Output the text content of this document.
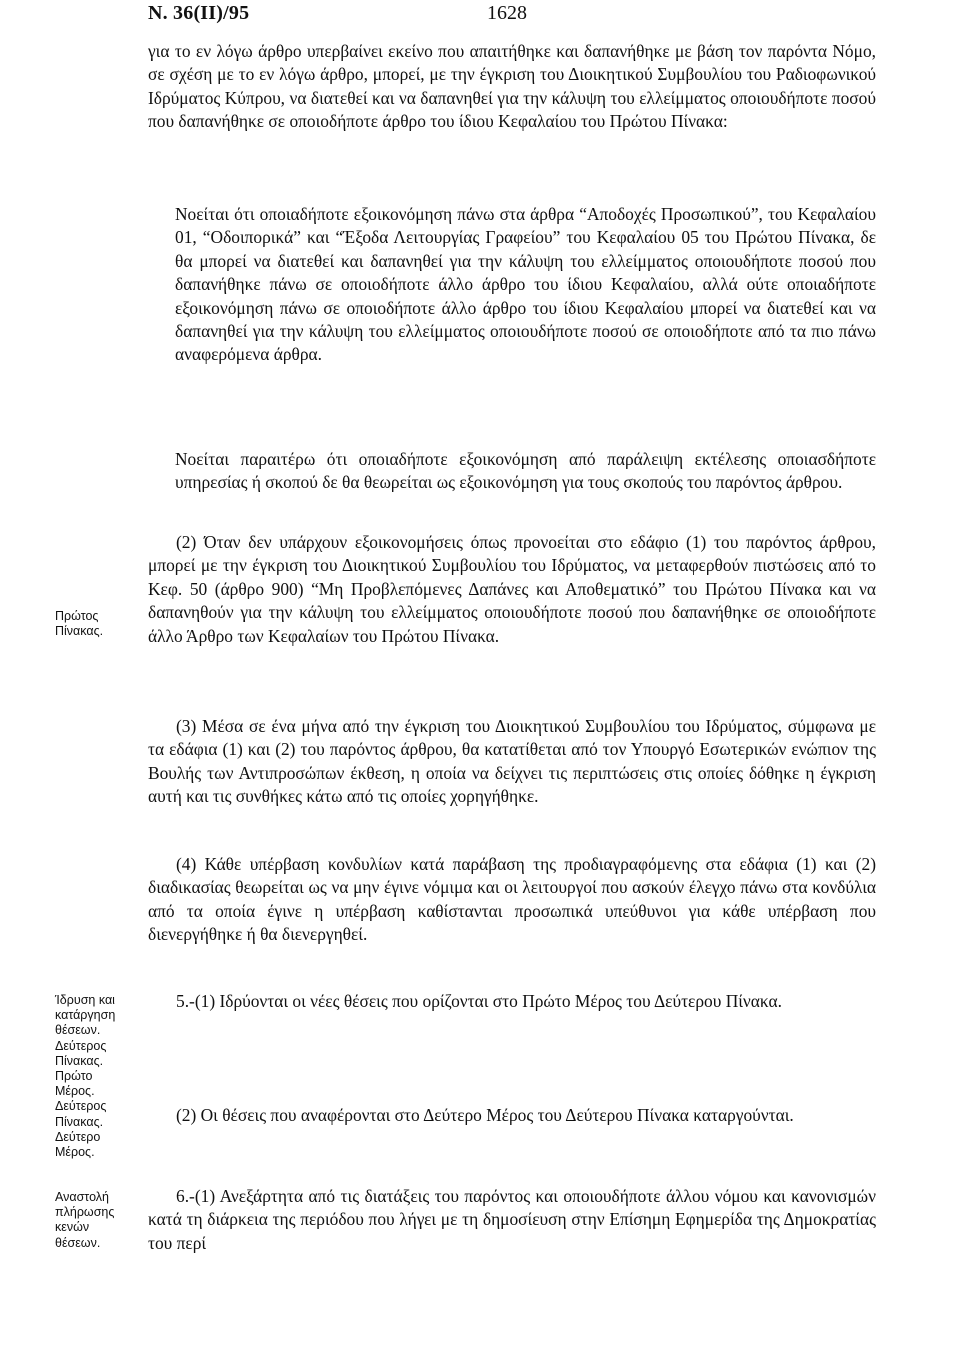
Ν. 36(ΙΙ)/95	1628

για το εν λόγω άρθρο υπερβαίνει εκείνο που απαιτήθηκε και δαπανήθηκε με βάση τον παρόντα Νόμο, σε σχέση με το εν λόγω άρθρο, μπορεί, με την έγκριση του Διοικητικού Συμβουλίου του Ραδιοφωνικού Ιδρύματος Κύπρου, να διατεθεί και να δαπανηθεί για την κάλυψη του ελλείμματος οποιουδήποτε ποσού που δαπανήθηκε σε οποιοδήποτε άρθρο του ίδιου Κεφαλαίου του Πρώτου Πίνακα:

Νοείται ότι οποιαδήποτε εξοικονόμηση πάνω στα άρθρα “Αποδοχές Προσωπικού”, του Κεφαλαίου 01, “Οδοιπορικά” και “Έξοδα Λειτουργίας Γραφείου” του Κεφαλαίου 05 του Πρώτου Πίνακα, δε θα μπορεί να διατεθεί και δαπανηθεί για την κάλυψη του ελλείμματος οποιουδήποτε ποσού που δαπανήθηκε πάνω σε οποιοδήποτε άλλο άρθρο του ίδιου Κεφαλαίου, αλλά ούτε οποιαδήποτε εξοικονόμηση πάνω σε οποιοδήποτε άλλο άρθρο του ίδιου Κεφαλαίου μπορεί να διατεθεί και να δαπανηθεί για την κάλυψη του ελλείμματος οποιουδήποτε ποσού σε οποιοδήποτε από τα πιο πάνω αναφερόμενα άρθρα.

Νοείται παραιτέρω ότι οποιαδήποτε εξοικονόμηση από παράλειψη εκτέλεσης οποιασδήποτε υπηρεσίας ή σκοπού δε θα θεωρείται ως εξοικονόμηση για τους σκοπούς του παρόντος άρθρου.

(2) Όταν δεν υπάρχουν εξοικονομήσεις όπως προνοείται στο εδάφιο (1) του παρόντος άρθρου, μπορεί με την έγκριση του Διοικητικού Συμβουλίου του Ιδρύματος, να μεταφερθούν πιστώσεις από το Κεφ. 50 (άρθρο 900) “Μη Προβλεπόμενες Δαπάνες και Αποθεματικό” του Πρώτου Πίνακα και να δαπανηθούν για την κάλυψη του ελλείμματος οποιουδήποτε ποσού που δαπανήθηκε σε οποιοδήποτε άλλο Άρθρο των Κεφαλαίων του Πρώτου Πίνακα.

(3) Μέσα σε ένα μήνα από την έγκριση του Διοικητικού Συμβουλίου του Ιδρύματος, σύμφωνα με τα εδάφια (1) και (2) του παρόντος άρθρου, θα κατατίθεται από τον Υπουργό Εσωτερικών ενώπιον της Βουλής των Αντιπροσώπων έκθεση, η οποία να δείχνει τις περιπτώσεις στις οποίες δόθηκε η έγκριση αυτή και τις συνθήκες κάτω από τις οποίες χορηγήθηκε.

(4) Κάθε υπέρβαση κονδυλίων κατά παράβαση της προδιαγραφόμενης στα εδάφια (1) και (2) διαδικασίας θεωρείται ως να μην έγινε νόμιμα και οι λειτουργοί που ασκούν έλεγχο πάνω στα κονδύλια από τα οποία έγινε η υπέρβαση καθίστανται προσωπικά υπεύθυνοι για κάθε υπέρβαση που διενεργήθηκε ή θα διενεργηθεί.

5.-(1) Ιδρύονται οι νέες θέσεις που ορίζονται στο Πρώτο Μέρος του Δεύτερου Πίνακα.

(2) Οι θέσεις που αναφέρονται στο Δεύτερο Μέρος του Δεύτερου Πίνακα καταργούνται.

6.-(1) Ανεξάρτητα από τις διατάξεις του παρόντος και οποιουδήποτε άλλου νόμου και κανονισμών κατά τη διάρκεια της περιόδου που λήγει με τη δημοσίευση στην Επίσημη Εφημερίδα της Δημοκρατίας του περί

Πρώτος Πίνακας.
Ίδρυση και
κατάργηση
θέσεων.
Δεύτερος
Πίνακας.
Πρώτο
Μέρος.
Δεύτερος
Πίνακας.
Δεύτερο
Μέρος.
Αναστολή
πλήρωσης
κενών
θέσεων.
